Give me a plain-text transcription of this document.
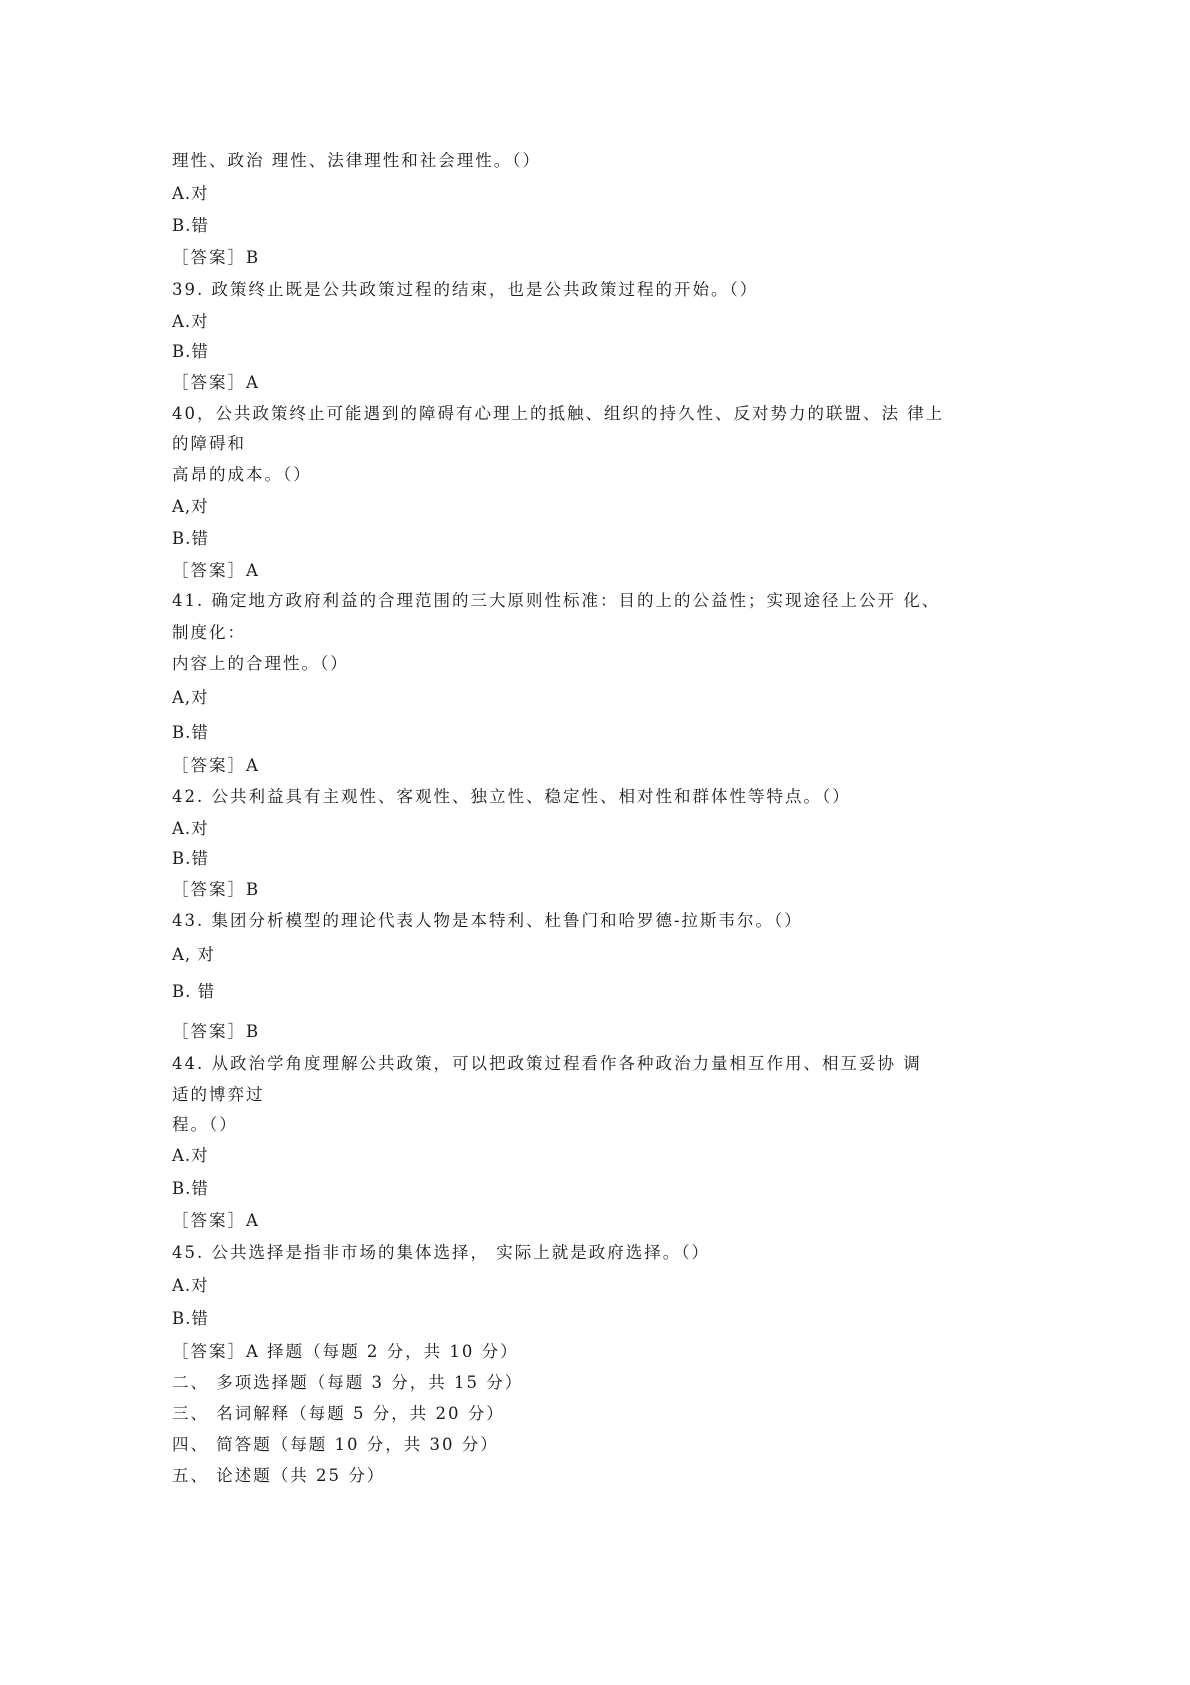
理性、政治 理性、法律理性和社会理性。（）
A.对
B.错
［答案］B
39. 政策终止既是公共政策过程的结束，也是公共政策过程的开始。（）
A.对
B.错
［答案］A
40，公共政策终止可能遇到的障碍有心理上的抵触、组织的持久性、反对势力的联盟、法 律上
的障碍和
高昂的成本。（）
A,对
B.错
［答案］A
41. 确定地方政府利益的合理范围的三大原则性标准：目的上的公益性；实现途径上公开 化、
制度化：
内容上的合理性。（）
A,对
B.错
［答案］A
42. 公共利益具有主观性、客观性、独立性、稳定性、相对性和群体性等特点。（）
A.对
B.错
［答案］B
43. 集团分析模型的理论代表人物是本特利、杜鲁门和哈罗德-拉斯韦尔。（）
A, 对
B. 错
［答案］B
44. 从政治学角度理解公共政策，可以把政策过程看作各种政治力量相互作用、相互妥协 调
适的博弈过
程。（）
A.对
B.错
［答案］A
45. 公共选择是指非市场的集体选择， 实际上就是政府选择。（）
A.对
B.错
［答案］A 择题（每题 2 分，共 10 分）
二、 多项选择题（每题 3 分，共 15 分）
三、 名词解释（每题 5 分，共 20 分）
四、 简答题（每题 10 分，共 30 分）
五、 论述题（共 25 分）
